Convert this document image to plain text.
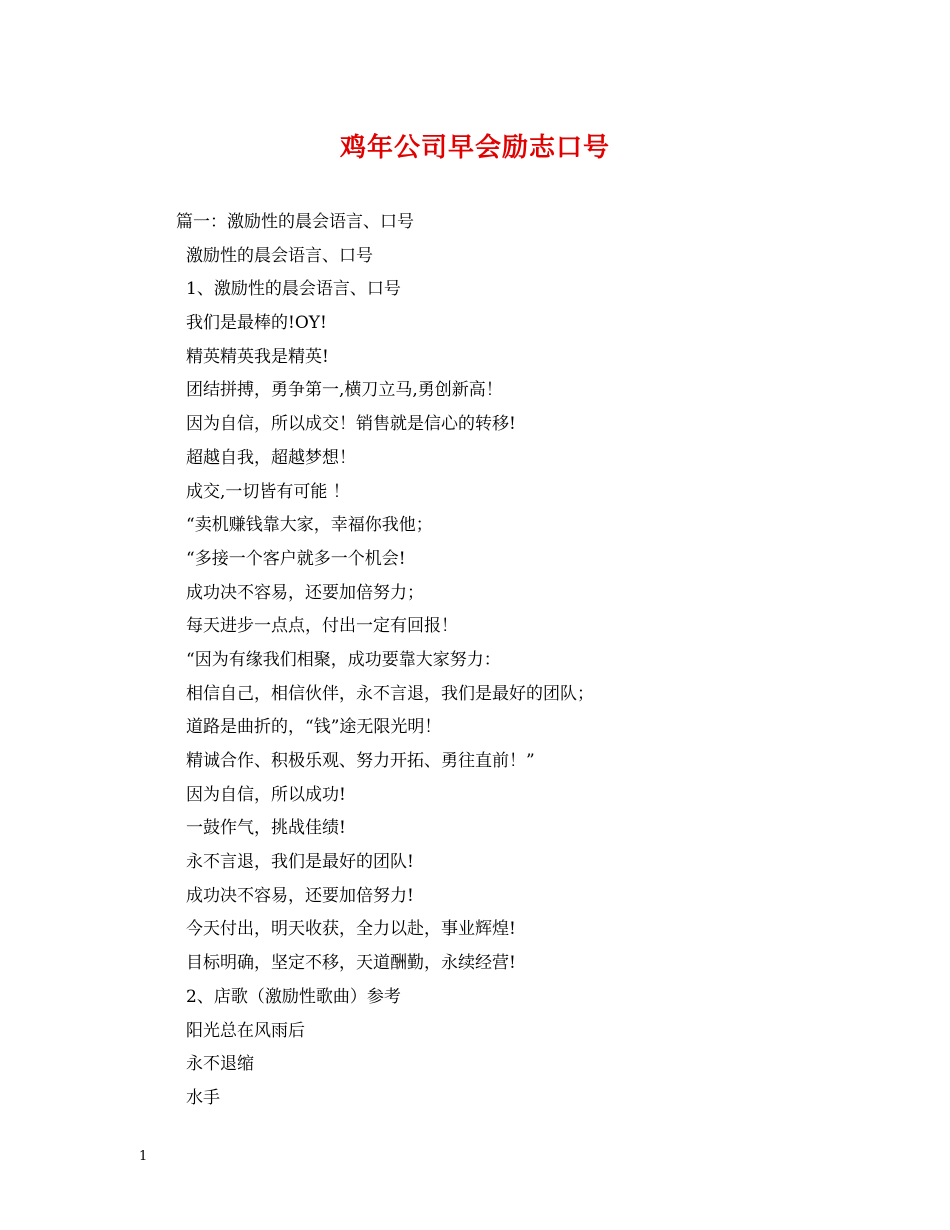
鸡年公司早会励志口号
篇一：激励性的晨会语言、口号
激励性的晨会语言、口号
1、激励性的晨会语言、口号
我们是最棒的!OY!
精英精英我是精英!
团结拼搏，勇争第一,横刀立马,勇创新高！
因为自信，所以成交！销售就是信心的转移!
超越自我，超越梦想！
成交,一切皆有可能 ！
“卖机赚钱靠大家，幸福你我他；
“多接一个客户就多一个机会!
成功决不容易，还要加倍努力；
每天进步一点点，付出一定有回报！
“因为有缘我们相聚，成功要靠大家努力：
相信自己，相信伙伴，永不言退，我们是最好的团队；
道路是曲折的，“钱”途无限光明！
精诚合作、积极乐观、努力开拓、勇往直前！”
因为自信，所以成功!
一鼓作气，挑战佳绩!
永不言退，我们是最好的团队!
成功决不容易，还要加倍努力!
今天付出，明天收获，全力以赴，事业辉煌!
目标明确，坚定不移，天道酬勤，永续经营!
2、店歌（激励性歌曲）参考
阳光总在风雨后
永不退缩
水手
1
